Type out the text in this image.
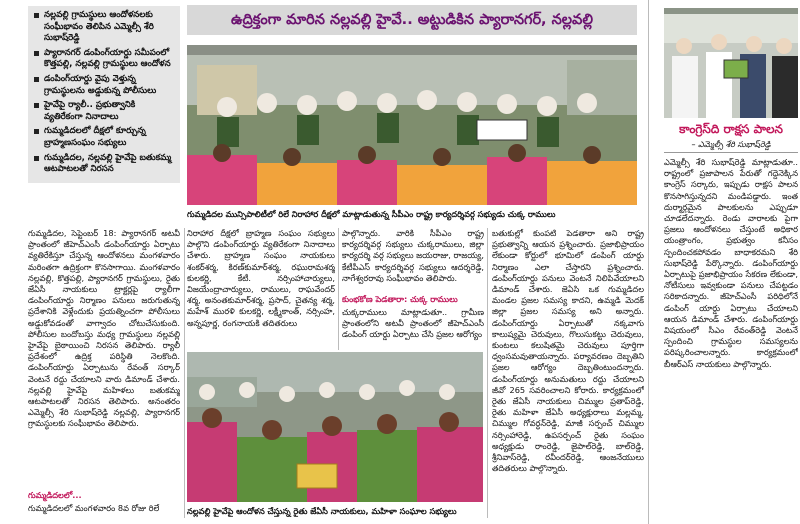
నల్లవల్లి గ్రామస్థులు ఆందోళనలకు సంఘీభావం తెలిపిన ఎమ్మెల్సీ శేరి సుభాష్‌రెడ్డి
ప్యారానగర్ డంపింగ్‌యార్డు సమీపంలో కొత్తపల్లి, నల్లవల్లి గ్రామస్థులు ఆందోళన
డంపింగ్‌యార్డు వైపు వెళ్తున్న గ్రామస్థులను అడ్డుకున్న పోలీసులు
హైవేపై ర్యాలీ.. ప్రభుత్వానికి వ్యతిరేకంగా నినాదాలు
గుమ్మడిదలలో దీక్షలో కూర్చున్న బ్రాహ్మణసంఘం సభ్యులు
గుమ్మడిదల, నల్లవల్లి హైవేపై బతుకమ్మ ఆటపాటలతో నిరసన
గుమ్మడిదల, సెప్టెంబర్ 18: ప్యారానగర్ అటవీ ప్రాంతంలో జీహెచ్‌ఎంసీ డంపింగ్‌యార్డు ఏర్పాటు వ్యతిరేకిస్తూ చేస్తున్న ఆందోళనలు మంగళవారం మరింతగా ఉద్రిక్తంగా కొనసాగాయి. మంగళవారం నల్లవల్లి, కొత్తపల్లి, ప్యారానగర్ గ్రామస్థులు, రైతు జేఏసీ నాయకులు ట్రాక్టర్లపై ర్యాలీగా డంపింగ్‌యార్డు నిర్మాణం పనులు జరుగుతున్న ప్రదేశానికి వెళ్లేందుకు ప్రయత్నించగా పోలీసులు అడ్డుకోవడంతో వాగ్వాదం చోటుచేసుకుంది. పోలీసుల బందోబస్తు మధ్య గ్రామస్థులు నల్లవల్లి హైవేపై బైఠాయించి నిరసన తెలిపారు. ర్యాలీ ప్రదేశంలో ఉద్రిక్త పరిస్థితి నెలకొంది. డంపింగ్‌యార్డు ఏర్పాటును రేవంత్ సర్కార్ వెంటనే రద్దు చేయాలని వారు డిమాండ్ చేశారు. నల్లవల్లి హైవేపై మహిళలు బతుకమ్మ ఆటపాటలతో నిరసన తెలిపారు. అనంతరం ఎమ్మెల్సీ శేరి సుభాష్‌రెడ్డి నల్లవల్లి, ప్యారానగర్ గ్రామస్థులకు సంఘీభావం తెలిపారు.
గుమ్మడిదలలో...
గుమ్మడిదలలో మంగళవారం 8వ రోజు రిలే
ఉద్రిక్తంగా మారిన నల్లవల్లి హైవే.. అట్టుడికిన ప్యారానగర్, నల్లవల్లి
గుమ్మడిదల మున్సిపాలిటీలో రిలే నిరాహార దీక్షలో మాట్లాడుతున్న సీపీఎం రాష్ట్ర కార్యదర్శివర్గ సభ్యుడు చుక్క రాములు
నిరాహార దీక్షలో బ్రాహ్మణ సంఘం సభ్యులు పాల్గొని డంపింగ్‌యార్డు వ్యతిరేకంగా నినాదాలు చేశారు. బ్రాహ్మణ సంఘం నాయకులు శంకర్‌శర్మ, కిరణ్‌కుమార్‌శర్మ, రఘురామశర్మ కులకర్ణి, కేటీ. నర్సింహాచార్యులు, విజయేంద్రాచార్యులు, రాములు, రాఘవేందర్ శర్మ, అనంతకుమార్‌శర్మ, ప్రసాద్, చైతన్య శర్మ, మహేశ్ మురళి కులకర్ణి, లక్ష్మీకాంత్, నర్సింహ, అన్నపూర్ణ, రంగనాయకి తదితరులు
పాల్గొన్నారు. వారికి సీపీఎం రాష్ట్ర కార్యదర్శివర్గ సభ్యులు చుక్కరాములు, జిల్లా కార్యదర్శి వర్గ సభ్యులు జయరాజు, రాజయ్య, కేటీపీఎస్ కార్యదర్శివర్గ సభ్యులు ఆదర్శరెడ్డి, నాగేశ్వరరావు సంఘీభావం తెలిపారు.
కుంభకోణ పెడతారా: చుక్క రాములు
చుక్కరాములు మాట్లాడుతూ.. గ్రామీణ ప్రాంతంలోని అటవీ ప్రాంతంలో జీహెచ్‌ఎంసీ డంపింగ్ యార్డు ఏర్పాటు చేసి ప్రజల ఆరోగ్యం
నల్లవల్లి హైవేపై ఆందోళన చేస్తున్న రైతు జేఏసీ నాయకులు, మహిళా సంఘాల సభ్యులు
బతుకుల్లో కుంపటి పెడతారా అని రాష్ట్ర ప్రభుత్వాన్ని ఆయన ప్రశ్నించారు. ప్రజాభిప్రాయం లేకుండా కోర్టులో భూమిలో డంపింగ్ యార్డు నిర్మాణం ఎలా చేస్తారని ప్రశ్నించారు. డంపింగ్‌యార్డు పనులు వెంటనే నిలిపివేయాలని డిమాండ్ చేశారు. జెఏసి ఒక గుమ్మడిదల మండల ప్రజల సమస్య కాదని, ఉమ్మడి మెదక్ జిల్లా ప్రజల సమస్య అని అన్నారు. డంపింగ్‌యార్డు ఏర్పాటుతో నక్కవాగు కాలుష్యమై చెరువులు, గొలుసుకట్టు చెరువులు, కుంటలు కలుషితమై చెరువులు పూర్తిగా ధ్వంసమవుతాయన్నారు. పర్యావరణం దెబ్బతిని ప్రజల ఆరోగ్యం దెబ్బతింటుందన్నారు. డంపింగ్‌యార్డు అనుమతులు రద్దు చేయాలని జీవో 265 సవరించాలని కోరారు. కార్యక్రమంలో రైతు జేఏసీ నాయకులు చిమ్ముల ప్రతాప్‌రెడ్డి, రైతు మహిళా జేఏసీ అధ్యక్షురాలు మల్లమ్మ, చిమ్ముల గోవర్ధన్‌రెడ్డి, మాజీ సర్పంచ్ చిమ్ముల నర్సింహారెడ్డి, ఉపసర్పంచ్ రైతు సంఘం అధ్యక్షుడు రాంరెడ్డి, జైపాల్‌రెడ్డి, బాల్‌రెడ్డి, శ్రీనివాస్‌రెడ్డి, రవీందర్‌రెడ్డి, ఆంజనేయులు తదితరులు పాల్గొన్నారు.
కాంగ్రెస్‌ది రాక్షస పాలన
– ఎమ్మెల్సీ శేరి సుభాష్‌రెడ్డి
ఎమ్మెల్సీ శేరి సుభాష్‌రెడ్డి మాట్లాడుతూ.. రాష్ట్రంలో ప్రజాపాలన పేరుతో గద్దెనెక్కిన కాంగ్రెస్ సర్కారు, ఇప్పుడు రాక్షస పాలన కొనసాగిస్తున్నదని మండిపడ్డారు. ఇంత దుర్మార్గమైన పాలకులను ఎప్పుడూ చూడలేదన్నారు. రెండు వారాలకు పైగా ప్రజలు ఆందోళనలు చేస్తుంటే అధికార యంత్రాంగం, ప్రభుత్వం కనీసం స్పందించకపోవడం బాధాకరమని శేరి సుభాష్‌రెడ్డి పేర్కొన్నారు. డంపింగ్‌యార్డు ఏర్పాటుపై ప్రజాభిప్రాయం సేకరణ లేకుండా, నోటీసులు ఇవ్వకుండా పనులు చేపట్టడం సరికాదన్నారు. జీహెచ్‌ఎంసీ పరిధిలోనే డంపింగ్ యార్డు ఏర్పాటు చేయాలని ఆయన డిమాండ్ చేశారు. డంపింగ్‌యార్డు విషయంలో సీఎం రేవంత్‌రెడ్డి వెంటనే స్పందించి గ్రామస్థుల సమస్యలను పరిష్కరించాలన్నారు. కార్యక్రమంలో బీఆర్ఎస్ నాయకులు పాల్గొన్నారు.
